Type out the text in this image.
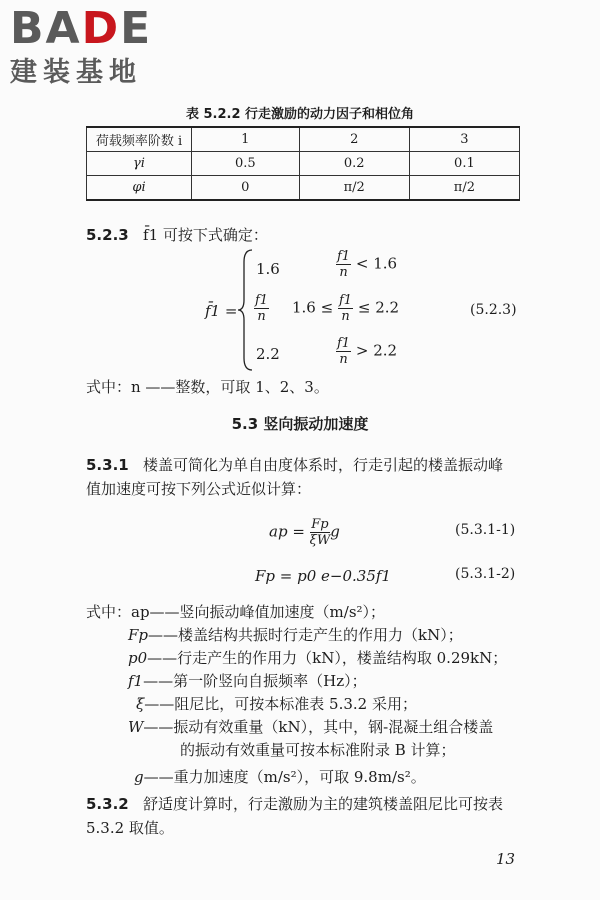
BADE
建装基地
表 5.2.2 行走激励的动力因子和相位角
荷载频率阶数 i	1	2	3
γi	0.5	0.2	0.1
φi	0	π/2	π/2
5.2.3 f̄1 可按下式确定：
f̄1 =
1.6	$\frac{f1}{n} < 1.6$
$\frac{f1}{n} 1.6 \le \frac{f1}{n} \le 2.2$	(5.2.3)
2.2	$\frac{f1}{n} > 2.2$
式中：n ——整数，可取 1、2、3。
5.3 竖向振动加速度
5.3.1 楼盖可简化为单自由度体系时，行走引起的楼盖振动峰
值加速度可按下列公式近似计算：
ap = $\frac{Fp}{\xi W}$ g	(5.3.1-1)
Fp = p0 e−0.35f1	(5.3.1-2)
式中：ap——竖向振动峰值加速度（m/s²）；
Fp——楼盖结构共振时行走产生的作用力（kN）；
p0——行走产生的作用力（kN），楼盖结构取 0.29kN；
f1——第一阶竖向自振频率（Hz）；
ξ——阻尼比，可按本标准表 5.3.2 采用；
W——振动有效重量（kN），其中，钢-混凝土组合楼盖
的振动有效重量可按本标准附录 B 计算；
g——重力加速度（m/s²），可取 9.8m/s²。
5.3.2 舒适度计算时，行走激励为主的建筑楼盖阻尼比可按表
5.3.2 取值。
13
